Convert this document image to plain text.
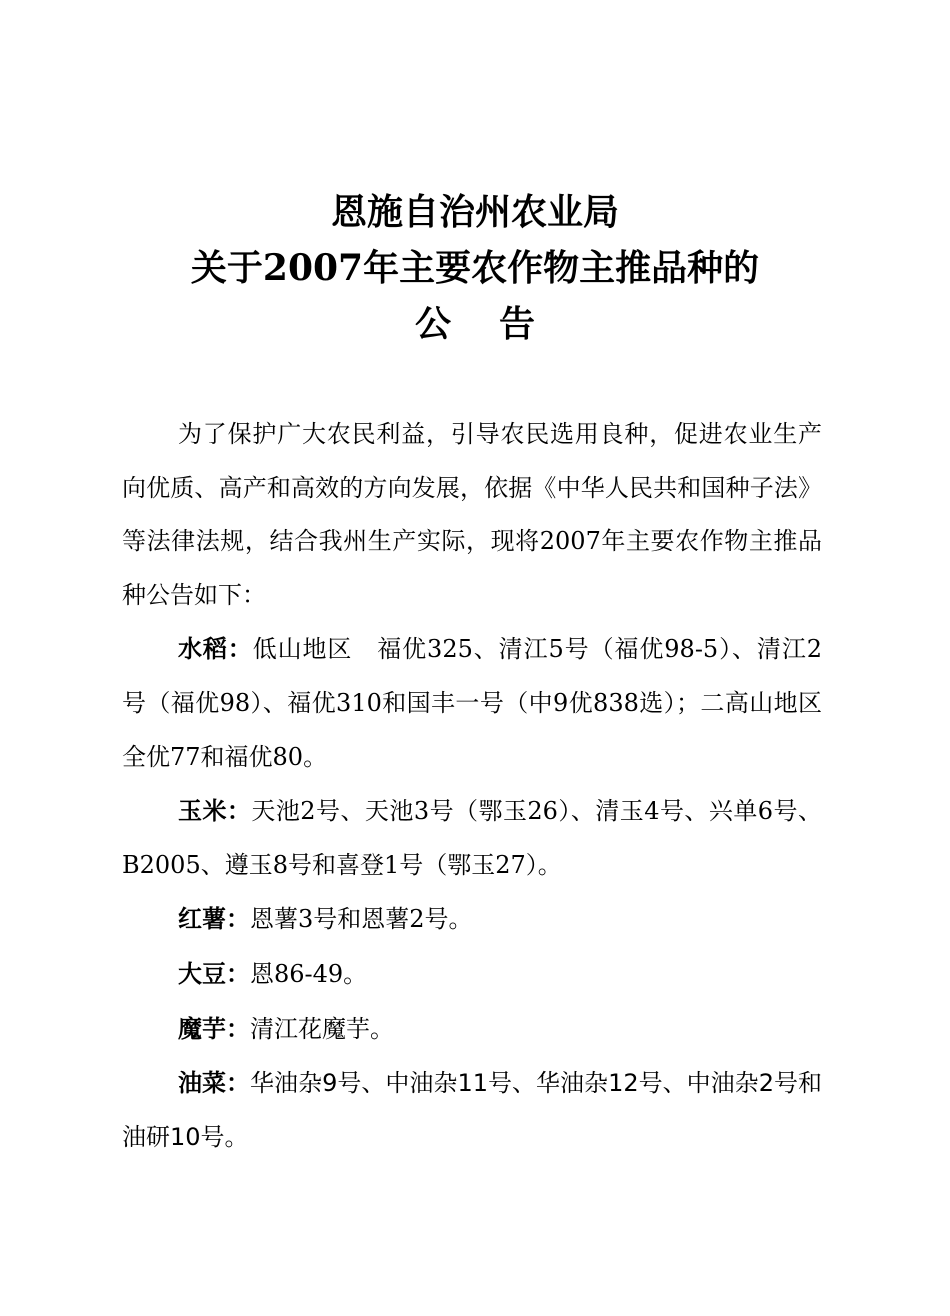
恩施自治州农业局
关于2007年主要农作物主推品种的
公 告

为了保护广大农民利益，引导农民选用良种，促进农业生产向优质、高产和高效的方向发展，依据《中华人民共和国种子法》等法律法规，结合我州生产实际，现将2007年主要农作物主推品种公告如下：

水稻：低山地区　福优325、清江5号（福优98-5）、清江2号（福优98）、福优310和国丰一号（中9优838选）；二高山地区　全优77和福优80。

玉米：天池2号、天池3号（鄂玉26）、清玉4号、兴单6号、B2005、遵玉8号和喜登1号（鄂玉27）。

红薯：恩薯3号和恩薯2号。

大豆：恩86-49。

魔芋：清江花魔芋。

油菜：华油杂9号、中油杂11号、华油杂12号、中油杂2号和油研10号。
